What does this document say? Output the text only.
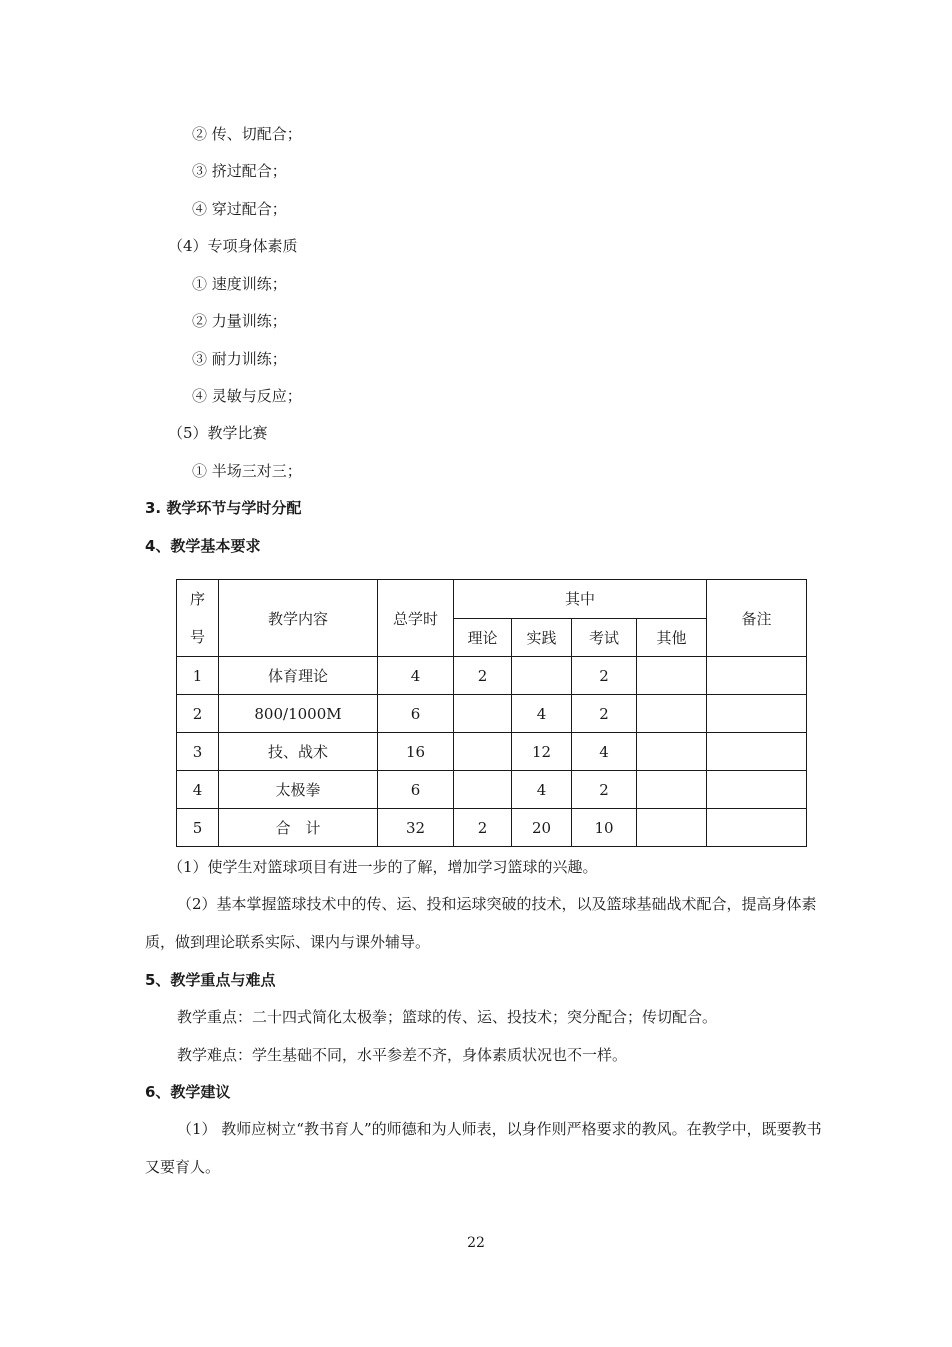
② 传、切配合；
③ 挤过配合；
④ 穿过配合；
（4）专项身体素质
① 速度训练；
② 力量训练；
③ 耐力训练；
④ 灵敏与反应；
（5）教学比赛
① 半场三对三；
3. 教学环节与学时分配
4、教学基本要求
序
号	教学内容	总学时	其中				备注
			理论	实践	考试	其他	
1	体育理论	4	2		2		
2	800/1000M	6		4	2		
3	技、战术	16		12	4		
4	太极拳	6		4	2		
5	合　计	32	2	20	10		
（1）使学生对篮球项目有进一步的了解，增加学习篮球的兴趣。
（2）基本掌握篮球技术中的传、运、投和运球突破的技术，以及篮球基础战术配合，提高身体素质，做到理论联系实际、课内与课外辅导。
5、教学重点与难点
教学重点：二十四式简化太极拳；篮球的传、运、投技术；突分配合；传切配合。
教学难点：学生基础不同，水平参差不齐，身体素质状况也不一样。
6、教学建议
（1） 教师应树立“教书育人”的师德和为人师表，以身作则严格要求的教风。在教学中，既要教书又要育人。
22
